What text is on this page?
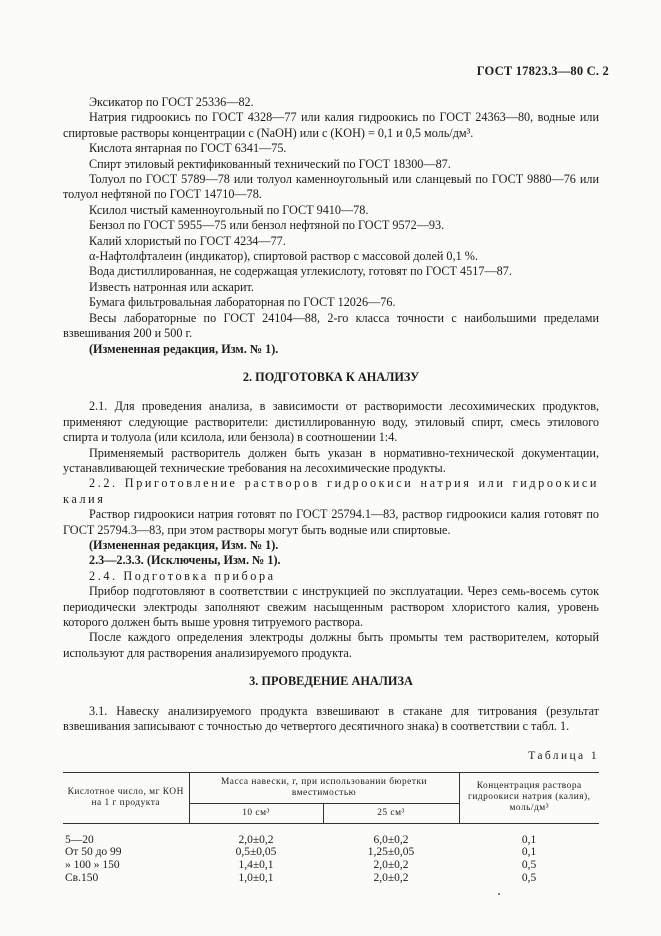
ГОСТ 17823.3—80 С. 2

Эксикатор по ГОСТ 25336—82.

Натрия гидроокись по ГОСТ 4328—77 или калия гидроокись по ГОСТ 24363—80, водные или спиртовые растворы концентрации c (NaOH) или c (KOH) = 0,1 и 0,5 моль/дм³.

Кислота янтарная по ГОСТ 6341—75.

Спирт этиловый ректификованный технический по ГОСТ 18300—87.

Толуол по ГОСТ 5789—78 или толуол каменноугольный или сланцевый по ГОСТ 9880—76 или толуол нефтяной по ГОСТ 14710—78.

Ксилол чистый каменноугольный по ГОСТ 9410—78.

Бензол по ГОСТ 5955—75 или бензол нефтяной по ГОСТ 9572—93.

Калий хлористый по ГОСТ 4234—77.

α-Нафтолфталеин (индикатор), спиртовой раствор с массовой долей 0,1 %.

Вода дистиллированная, не содержащая углекислоту, готовят по ГОСТ 4517—87.

Известь натронная или аскарит.

Бумага фильтровальная лабораторная по ГОСТ 12026—76.

Весы лабораторные по ГОСТ 24104—88, 2-го класса точности с наибольшими пределами взвешивания 200 и 500 г.

(Измененная редакция, Изм. № 1).

2. ПОДГОТОВКА К АНАЛИЗУ

2.1. Для проведения анализа, в зависимости от растворимости лесохимических продуктов, применяют следующие растворители: дистиллированную воду, этиловый спирт, смесь этилового спирта и толуола (или ксилола, или бензола) в соотношении 1:4.

Применяемый растворитель должен быть указан в нормативно-технической документации, устанавливающей технические требования на лесохимические продукты.

2.2. Приготовление растворов гидроокиси натрия или гидроокиси калия

Раствор гидроокиси натрия готовят по ГОСТ 25794.1—83, раствор гидроокиси калия готовят по ГОСТ 25794.3—83, при этом растворы могут быть водные или спиртовые.

(Измененная редакция, Изм. № 1).

2.3—2.3.3. (Исключены, Изм. № 1).

2.4. Подготовка прибора

Прибор подготовляют в соответствии с инструкцией по эксплуатации. Через семь-восемь суток периодически электроды заполняют свежим насыщенным раствором хлористого калия, уровень которого должен быть выше уровня титруемого раствора.

После каждого определения электроды должны быть промыты тем растворителем, который используют для растворения анализируемого продукта.

3. ПРОВЕДЕНИЕ АНАЛИЗА

3.1. Навеску анализируемого продукта взвешивают в стакане для титрования (результат взвешивания записывают с точностью до четвертого десятичного знака) в соответствии с табл. 1.

Таблица 1
Кислотное число, мг КОН на 1 г продукта	Масса навески, г, при использовании бюретки вместимостью		Концентрация раствора гидроокиси натрия (калия), моль/дм³
	10 см³	25 см³	
5—20	2,0±0,2	6,0±0,2	0,1
От 50 до 99	0,5±0,05	1,25±0,05	0,1
» 100 » 150	1,4±0,1	2,0±0,2	0,5
Св.150	1,0±0,1	2,0±0,2	0,5
